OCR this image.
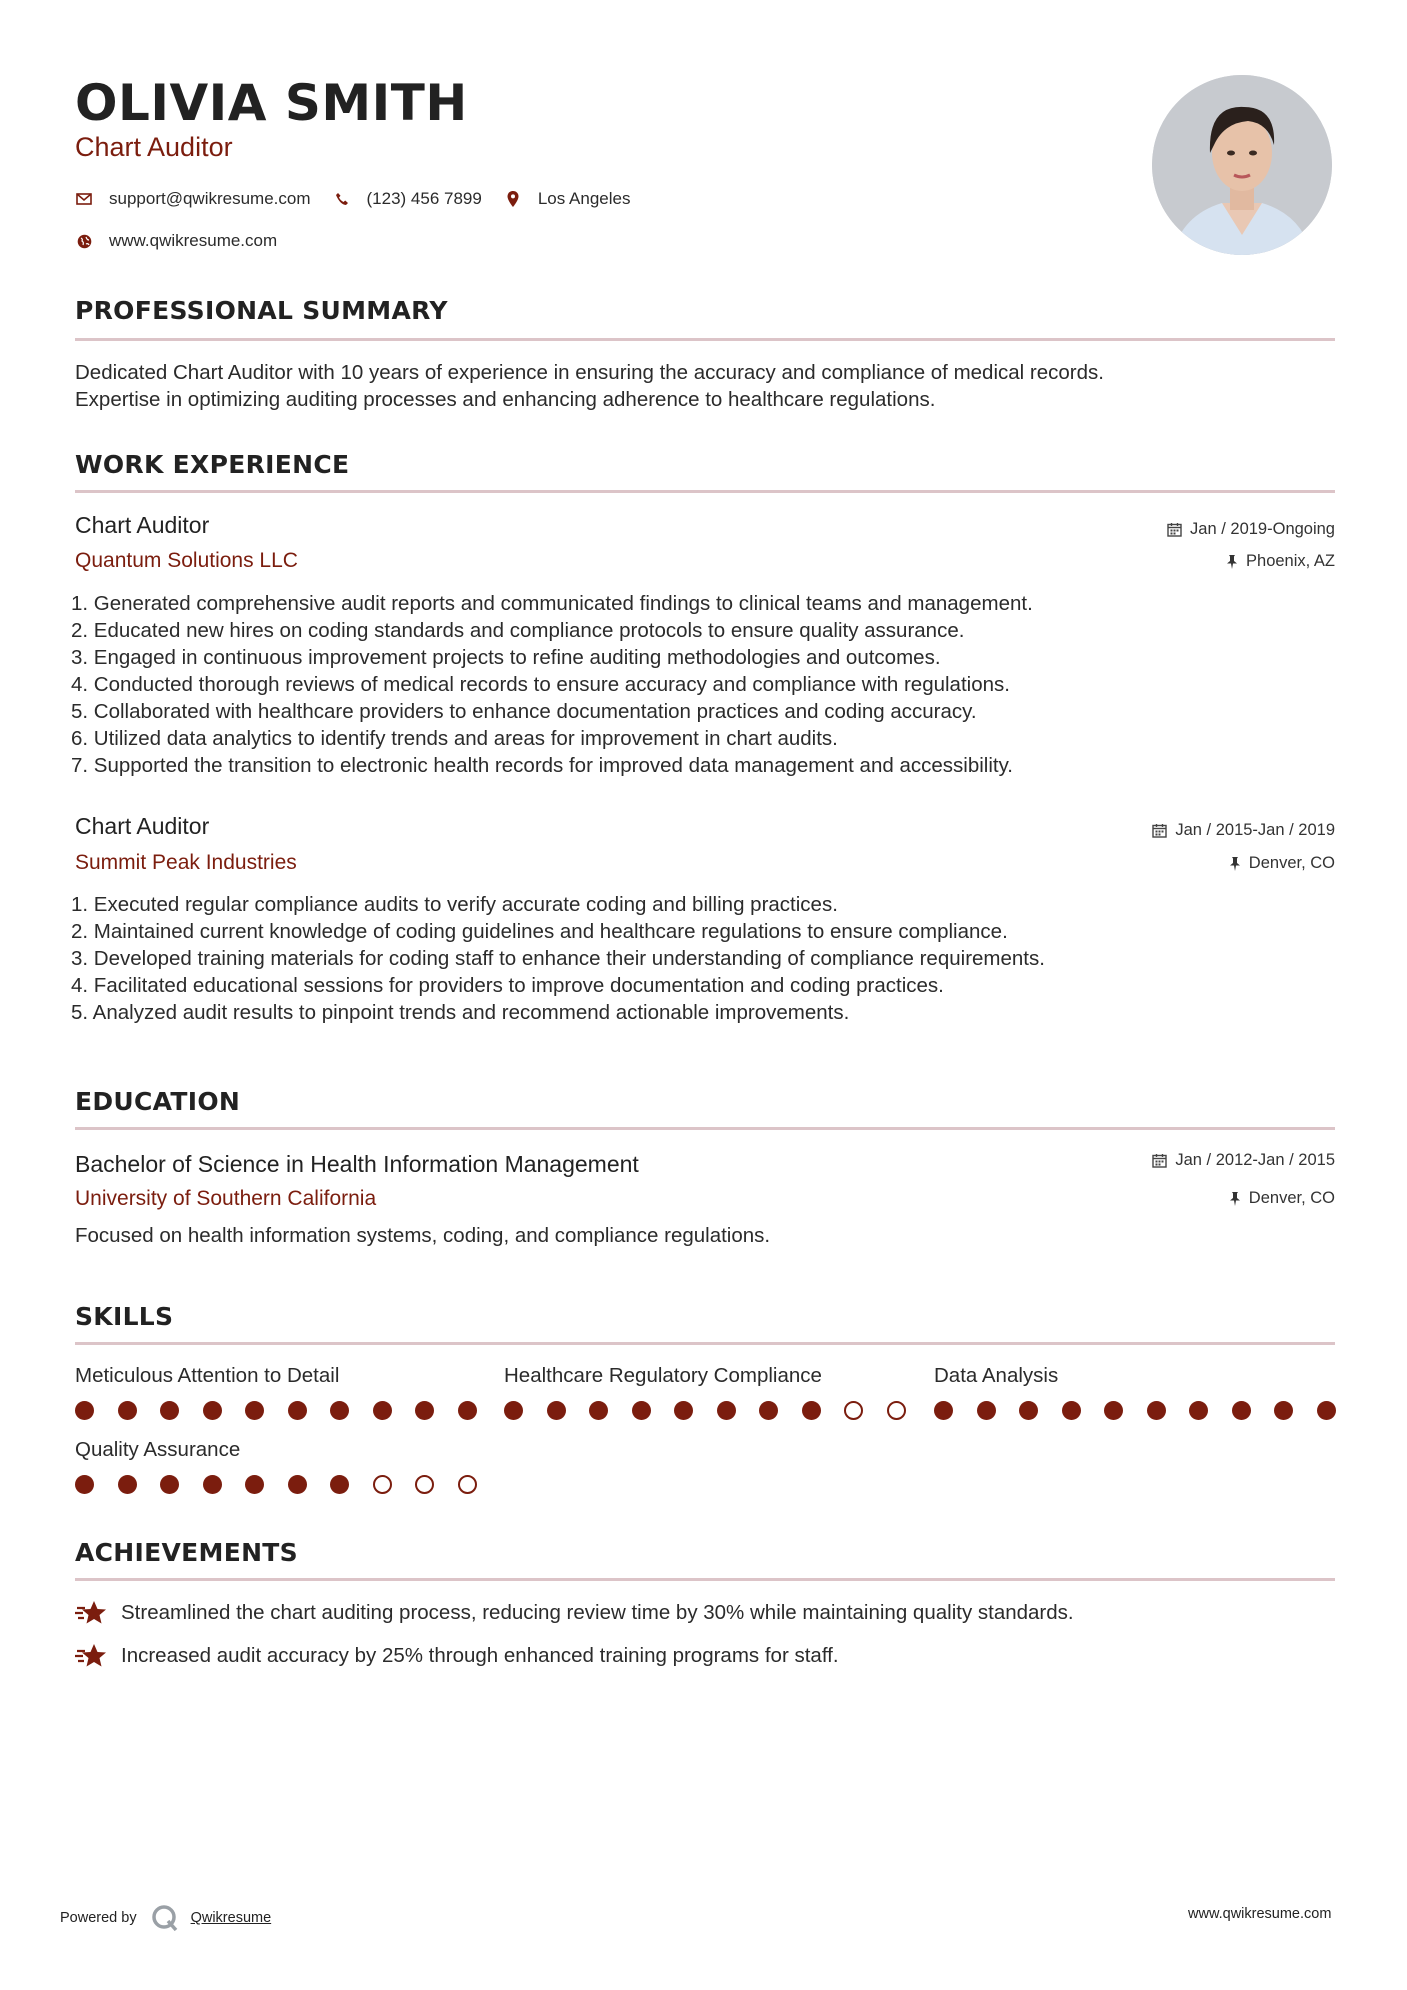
OLIVIA SMITH
Chart Auditor
support@qwikresume.com	(123) 456 7899	Los Angeles
www.qwikresume.com
PROFESSIONAL SUMMARY
Dedicated Chart Auditor with 10 years of experience in ensuring the accuracy and compliance of medical records.
Expertise in optimizing auditing processes and enhancing adherence to healthcare regulations.
WORK EXPERIENCE
Chart Auditor	Jan / 2019-Ongoing
Quantum Solutions LLC	Phoenix, AZ
1. Generated comprehensive audit reports and communicated findings to clinical teams and management.
2. Educated new hires on coding standards and compliance protocols to ensure quality assurance.
3. Engaged in continuous improvement projects to refine auditing methodologies and outcomes.
4. Conducted thorough reviews of medical records to ensure accuracy and compliance with regulations.
5. Collaborated with healthcare providers to enhance documentation practices and coding accuracy.
6. Utilized data analytics to identify trends and areas for improvement in chart audits.
7. Supported the transition to electronic health records for improved data management and accessibility.
Chart Auditor	Jan / 2015-Jan / 2019
Summit Peak Industries	Denver, CO
1. Executed regular compliance audits to verify accurate coding and billing practices.
2. Maintained current knowledge of coding guidelines and healthcare regulations to ensure compliance.
3. Developed training materials for coding staff to enhance their understanding of compliance requirements.
4. Facilitated educational sessions for providers to improve documentation and coding practices.
5. Analyzed audit results to pinpoint trends and recommend actionable improvements.
EDUCATION
Bachelor of Science in Health Information Management	Jan / 2012-Jan / 2015
University of Southern California	Denver, CO
Focused on health information systems, coding, and compliance regulations.
SKILLS
Meticulous Attention to Detail	Healthcare Regulatory Compliance	Data Analysis
Quality Assurance
ACHIEVEMENTS
Streamlined the chart auditing process, reducing review time by 30% while maintaining quality standards.
Increased audit accuracy by 25% through enhanced training programs for staff.
Powered by	Qwikresume	www.qwikresume.com
